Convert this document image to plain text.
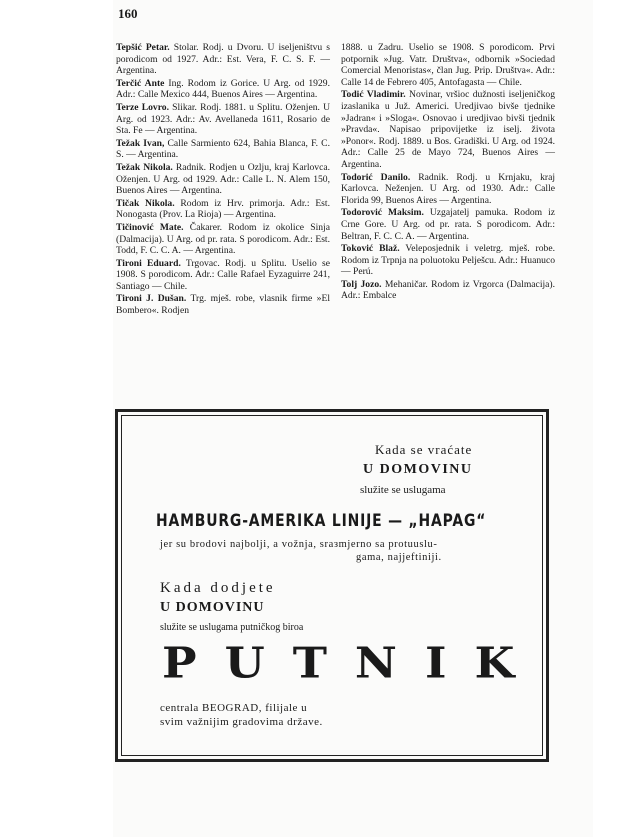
160

Tepšić Petar. Stolar. Rodj. u Dvoru. U iseljeništvu s porodicom od 1927. Adr.: Est. Vera, F. C. S. F. — Argentina.

Terčić Ante Ing. Rodom iz Gorice. U Arg. od 1929. Adr.: Calle Mexico 444, Buenos Aires — Argentina.

Terze Lovro. Slikar. Rodj. 1881. u Splitu. Oženjen. U Arg. od 1923. Adr.: Av. Avellaneda 1611, Rosario de Sta. Fe — Argentina.

Težak Ivan, Calle Sarmiento 624, Bahia Blanca, F. C. S. — Argentina.

Težak Nikola. Radnik. Rodjen u Ozlju, kraj Karlovca. Oženjen. U Arg. od 1929. Adr.: Calle L. N. Alem 150, Buenos Aires — Argentina.

Tičak Nikola. Rodom iz Hrv. primorja. Adr.: Est. Nonogasta (Prov. La Rioja) — Argentina.

Tičinović Mate. Čakarer. Rodom iz okolice Sinja (Dalmacija). U Arg. od pr. rata. S porodicom. Adr.: Est. Todd, F. C. C. A. — Argentina.

Tironi Eduard. Trgovac. Rodj. u Splitu. Uselio se 1908. S porodicom. Adr.: Calle Rafael Eyzaguirre 241, Santiago — Chile.

Tironi J. Dušan. Trg. mješ. robe, vlasnik firme »El Bombero«. Rodjen

1888. u Zadru. Uselio se 1908. S porodicom. Prvi potpornik »Jug. Vatr. Društva«, odbornik »Sociedad Comercial Menoristas«, član Jug. Prip. Društva«. Adr.: Calle 14 de Febrero 405, Antofagasta — Chile.

Todić Vladimir. Novinar, vršioc dužnosti iseljeničkog izaslanika u Juž. Americi. Uredjivao bivše tjednike »Jadran« i »Sloga«. Osnovao i uredjivao bivši tjednik »Pravda«. Napisao pripovijetke iz iselj. života »Ponor«. Rodj. 1889. u Bos. Gradiški. U Arg. od 1924. Adr.: Calle 25 de Mayo 724, Buenos Aires — Argentina.

Todorić Danilo. Radnik. Rodj. u Krnjaku, kraj Karlovca. Neženjen. U Arg. od 1930. Adr.: Calle Florida 99, Buenos Aires — Argentina.

Todorović Maksim. Uzgajatelj pamuka. Rodom iz Crne Gore. U Arg. od pr. rata. S porodicom. Adr.: Beltran, F. C. C. A. — Argentina.

Toković Blaž. Veleposjednik i veletrg. mješ. robe. Rodom iz Trpnja na poluotoku Pelješcu. Adr.: Huanuco — Perú.

Tolj Jozo. Mehaničar. Rodom iz Vrgorca (Dalmacija). Adr.: Embalce

Kada se vraćate
U DOMOVINU
služite se uslugama
HAMBURG-AMERIKA LINIJE — „HAPAG“
jer su brodovi najbolji, a vožnja, sraзmjerno sa protuuslu-
gama, najjeftiniji.
Kada dodjete
U DOMOVINU
služite se uslugama putničkog biroa
PUTNIK
centrala BEOGRAD, filijale u
svim važnijim gradovima države.
